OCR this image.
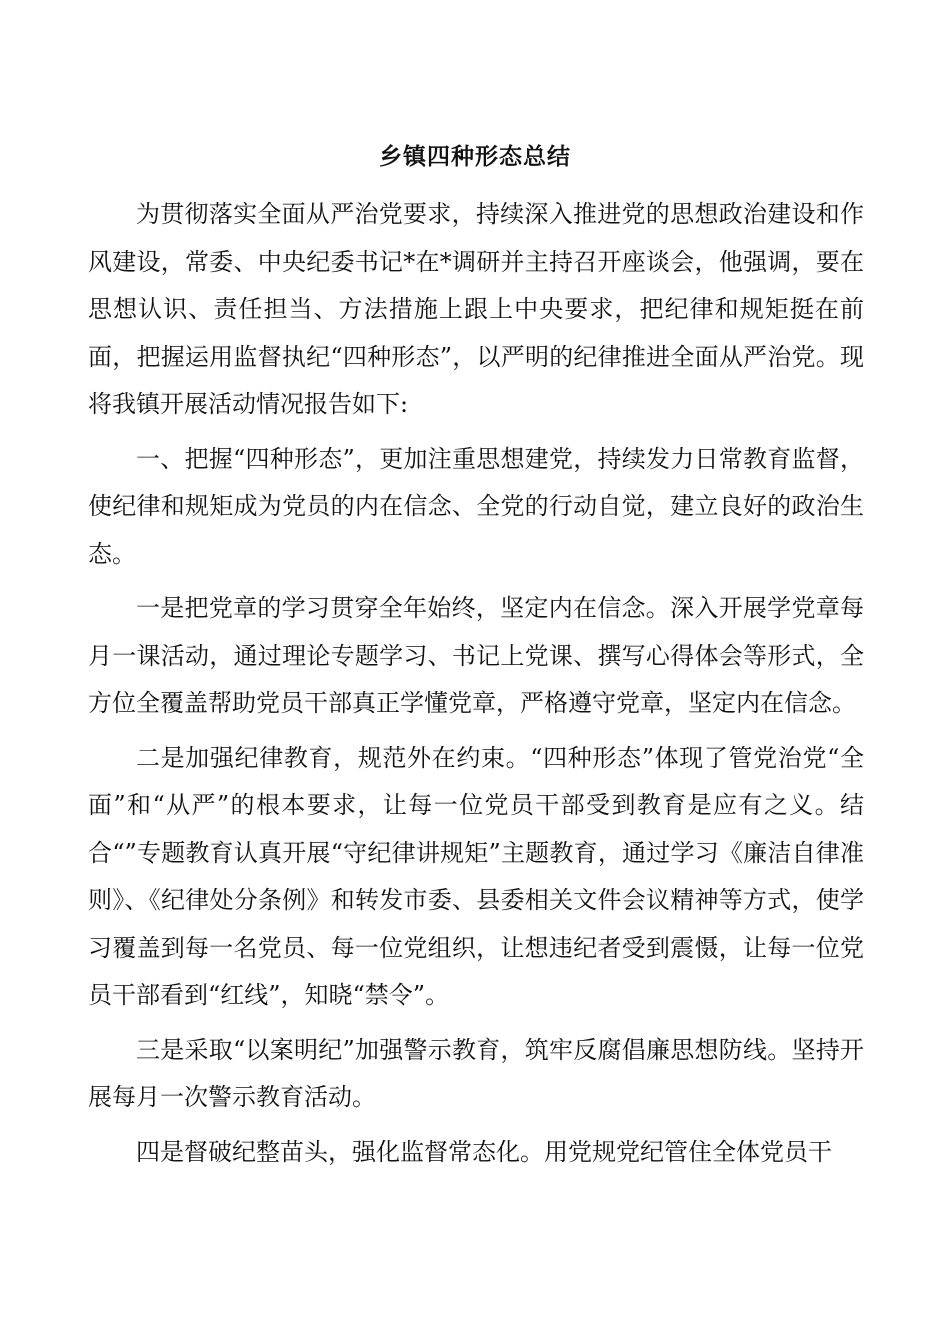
乡镇四种形态总结

为贯彻落实全面从严治党要求，持续深入推进党的思想政治建设和作风建设，常委、中央纪委书记*在*调研并主持召开座谈会，他强调，要在思想认识、责任担当、方法措施上跟上中央要求，把纪律和规矩挺在前面，把握运用监督执纪“四种形态”，以严明的纪律推进全面从严治党。现将我镇开展活动情况报告如下:

一、把握“四种形态”，更加注重思想建党，持续发力日常教育监督，使纪律和规矩成为党员的内在信念、全党的行动自觉，建立良好的政治生态。

一是把党章的学习贯穿全年始终，坚定内在信念。深入开展学党章每月一课活动，通过理论专题学习、书记上党课、撰写心得体会等形式，全方位全覆盖帮助党员干部真正学懂党章，严格遵守党章，坚定内在信念。

二是加强纪律教育，规范外在约束。“四种形态”体现了管党治党“全面”和“从严”的根本要求，让每一位党员干部受到教育是应有之义。结合“”专题教育认真开展“守纪律讲规矩”主题教育，通过学习《廉洁自律准则》、《纪律处分条例》和转发市委、县委相关文件会议精神等方式，使学习覆盖到每一名党员、每一位党组织，让想违纪者受到震慑，让每一位党员干部看到“红线”，知晓“禁令”。

三是采取“以案明纪”加强警示教育，筑牢反腐倡廉思想防线。坚持开展每月一次警示教育活动。

四是督破纪整苗头，强化监督常态化。用党规党纪管住全体党员干
